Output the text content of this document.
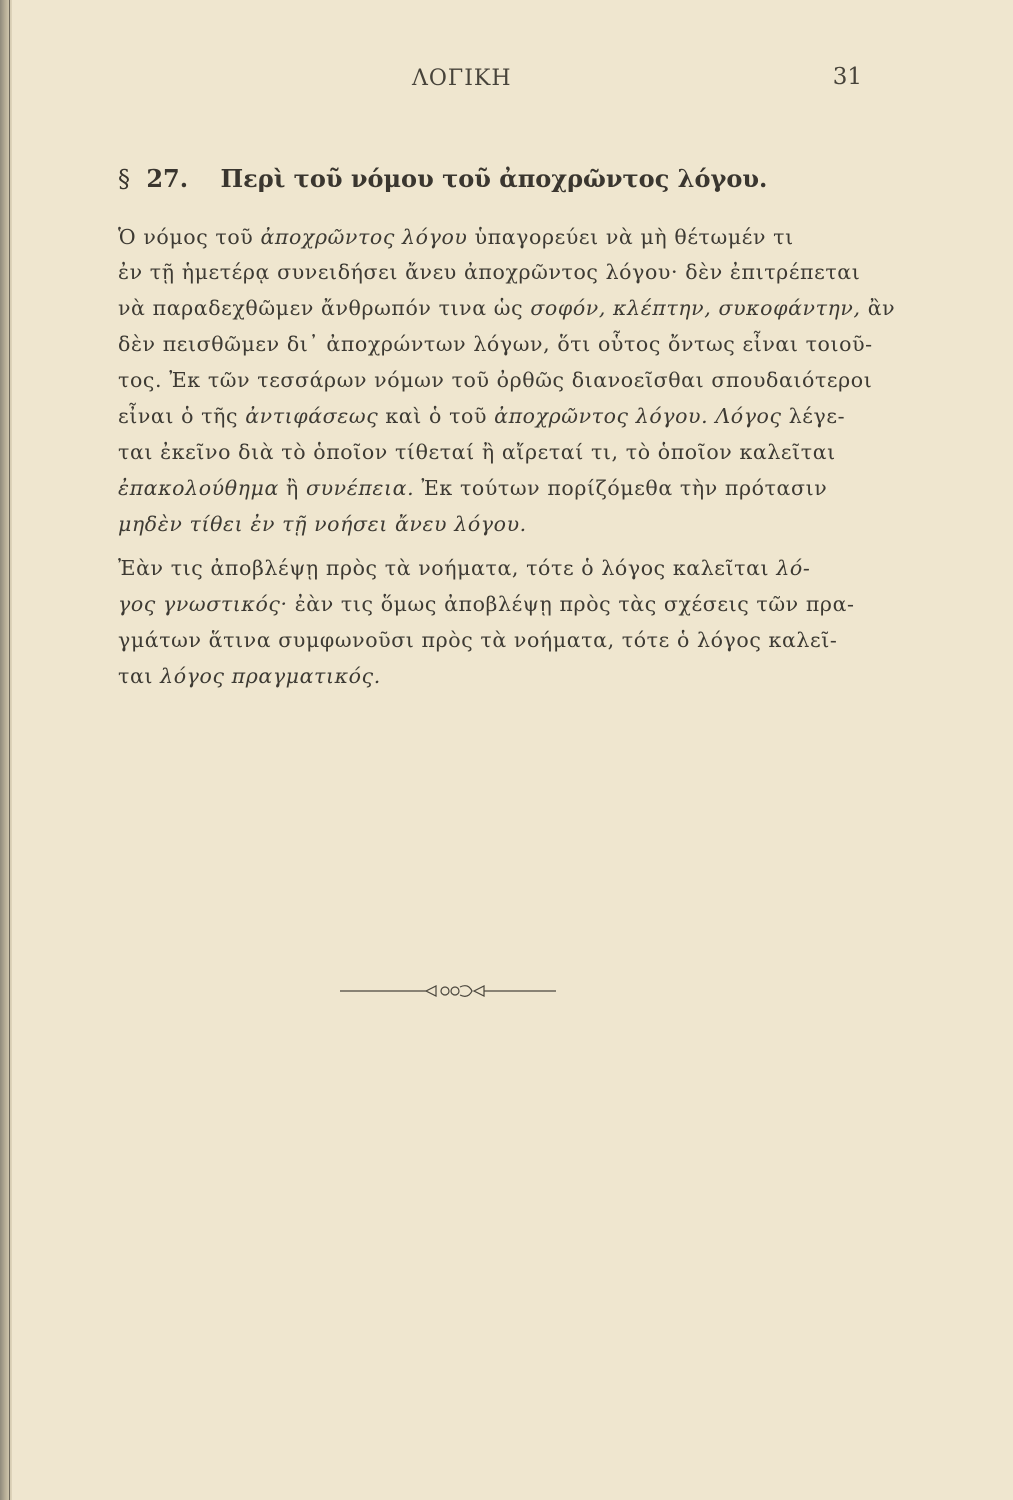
ΛΟΓΙΚΗ	31
§ 27. Περὶ τοῦ νόμου τοῦ ἀποχρῶντος λόγου.
Ὁ νόμος τοῦ ἀποχρῶντος λόγου ὑπαγορεύει νὰ μὴ θέτωμέν τι
ἐν τῇ ἡμετέρᾳ συνειδήσει ἄνευ ἀποχρῶντος λόγου· δὲν ἐπιτρέπεται
νὰ παραδεχθῶμεν ἄνθρωπόν τινα ὡς σοφόν, κλέπτην, συκοφάντην, ἂν
δὲν πεισθῶμεν δι᾽ ἀποχρώντων λόγων, ὅτι οὗτος ὄντως εἶναι τοιοῦ-
τος. Ἐκ τῶν τεσσάρων νόμων τοῦ ὀρθῶς διανοεῖσθαι σπουδαιότεροι
εἶναι ὁ τῆς ἀντιφάσεως καὶ ὁ τοῦ ἀποχρῶντος λόγου. Λόγος λέγε-
ται ἐκεῖνο διὰ τὸ ὁποῖον τίθεταί ἢ αἴρεταί τι, τὸ ὁποῖον καλεῖται
ἐπακολούθημα ἢ συνέπεια. Ἐκ τούτων πορίζόμεθα τὴν πρότασιν
μηδὲν τίθει ἐν τῇ νοήσει ἄνευ λόγου.
Ἐὰν τις ἀποβλέψῃ πρὸς τὰ νοήματα, τότε ὁ λόγος καλεῖται λό-
γος γνωστικός· ἐὰν τις ὅμως ἀποβλέψῃ πρὸς τὰς σχέσεις τῶν πρα-
γμάτων ἅτινα συμφωνοῦσι πρὸς τὰ νοήματα, τότε ὁ λόγος καλεῖ-
ται λόγος πραγματικός.
